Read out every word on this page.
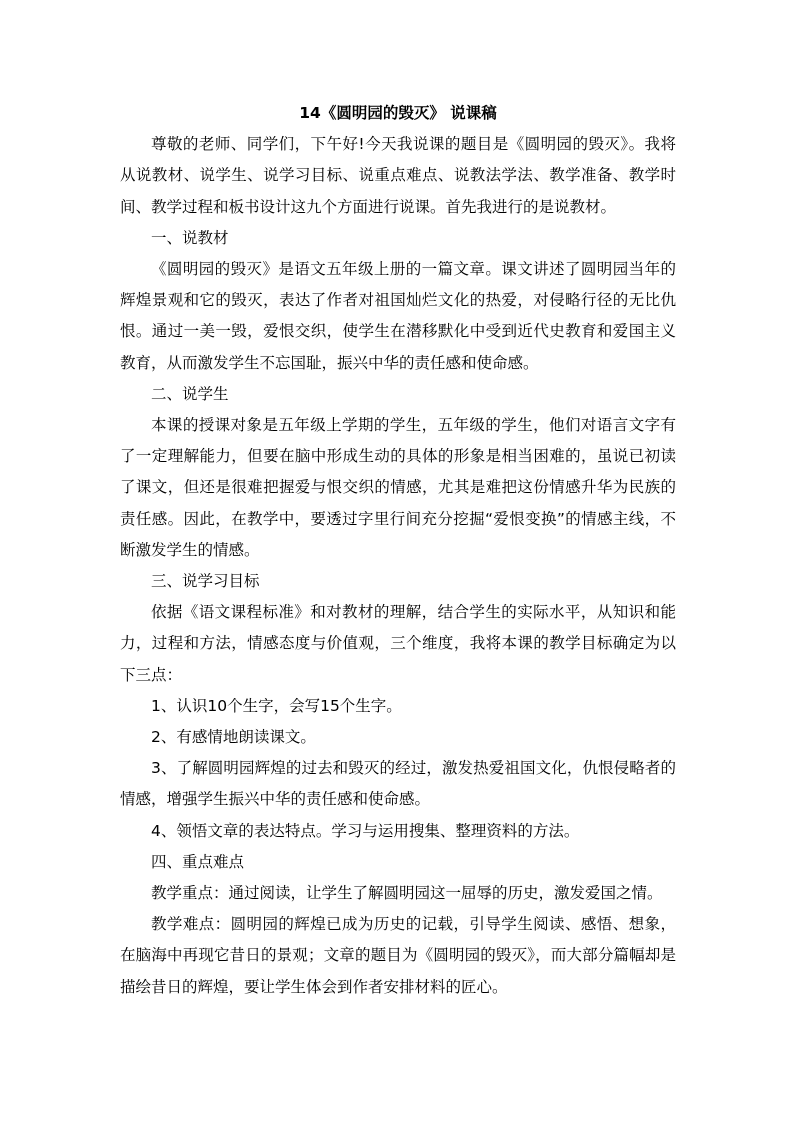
14《圆明园的毁灭》 说课稿

尊敬的老师、同学们，下午好!今天我说课的题目是《圆明园的毁灭》。我将从说教材、说学生、说学习目标、说重点难点、说教法学法、教学准备、教学时间、教学过程和板书设计这九个方面进行说课。首先我进行的是说教材。

一、说教材

《圆明园的毁灭》是语文五年级上册的一篇文章。课文讲述了圆明园当年的辉煌景观和它的毁灭，表达了作者对祖国灿烂文化的热爱，对侵略行径的无比仇恨。通过一美一毁，爱恨交织，使学生在潜移默化中受到近代史教育和爱国主义教育，从而激发学生不忘国耻，振兴中华的责任感和使命感。

二、说学生

本课的授课对象是五年级上学期的学生，五年级的学生，他们对语言文字有了一定理解能力，但要在脑中形成生动的具体的形象是相当困难的，虽说已初读了课文，但还是很难把握爱与恨交织的情感，尤其是难把这份情感升华为民族的责任感。因此，在教学中，要透过字里行间充分挖掘“爱恨变换”的情感主线，不断激发学生的情感。

三、说学习目标

依据《语文课程标准》和对教材的理解，结合学生的实际水平，从知识和能力，过程和方法，情感态度与价值观，三个维度，我将本课的教学目标确定为以下三点：

1、认识10个生字，会写15个生字。

2、有感情地朗读课文。

3、了解圆明园辉煌的过去和毁灭的经过，激发热爱祖国文化，仇恨侵略者的情感，增强学生振兴中华的责任感和使命感。

4、领悟文章的表达特点。学习与运用搜集、整理资料的方法。

四、重点难点

教学重点：通过阅读，让学生了解圆明园这一屈辱的历史，激发爱国之情。

教学难点：圆明园的辉煌已成为历史的记载，引导学生阅读、感悟、想象，在脑海中再现它昔日的景观；文章的题目为《圆明园的毁灭》，而大部分篇幅却是描绘昔日的辉煌，要让学生体会到作者安排材料的匠心。
